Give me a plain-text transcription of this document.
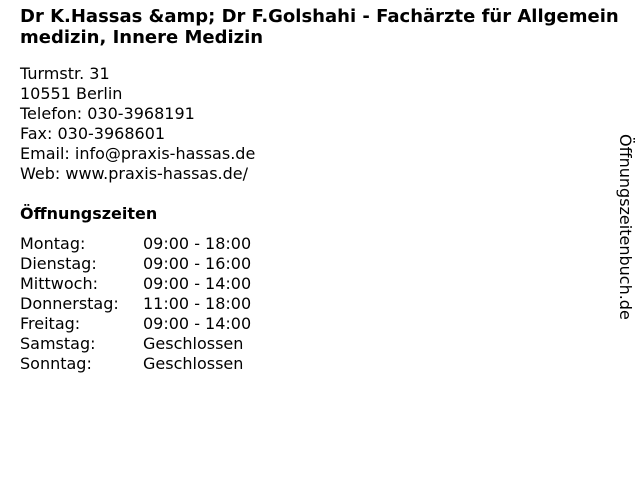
Dr K.Hassas &amp; Dr F.Golshahi - Fachärzte für Allgemeinmedizin, Innere Medizin
Turmstr. 31
10551 Berlin
Telefon: 030-3968191
Fax: 030-3968601
Email: info@praxis-hassas.de
Web: www.praxis-hassas.de/
Öffnungszeiten
Montag:	09:00 - 18:00
Dienstag:	09:00 - 16:00
Mittwoch:	09:00 - 14:00
Donnerstag:	11:00 - 18:00
Freitag:	09:00 - 14:00
Samstag:	Geschlossen
Sonntag:	Geschlossen
Öffnungszeitenbuch.de
